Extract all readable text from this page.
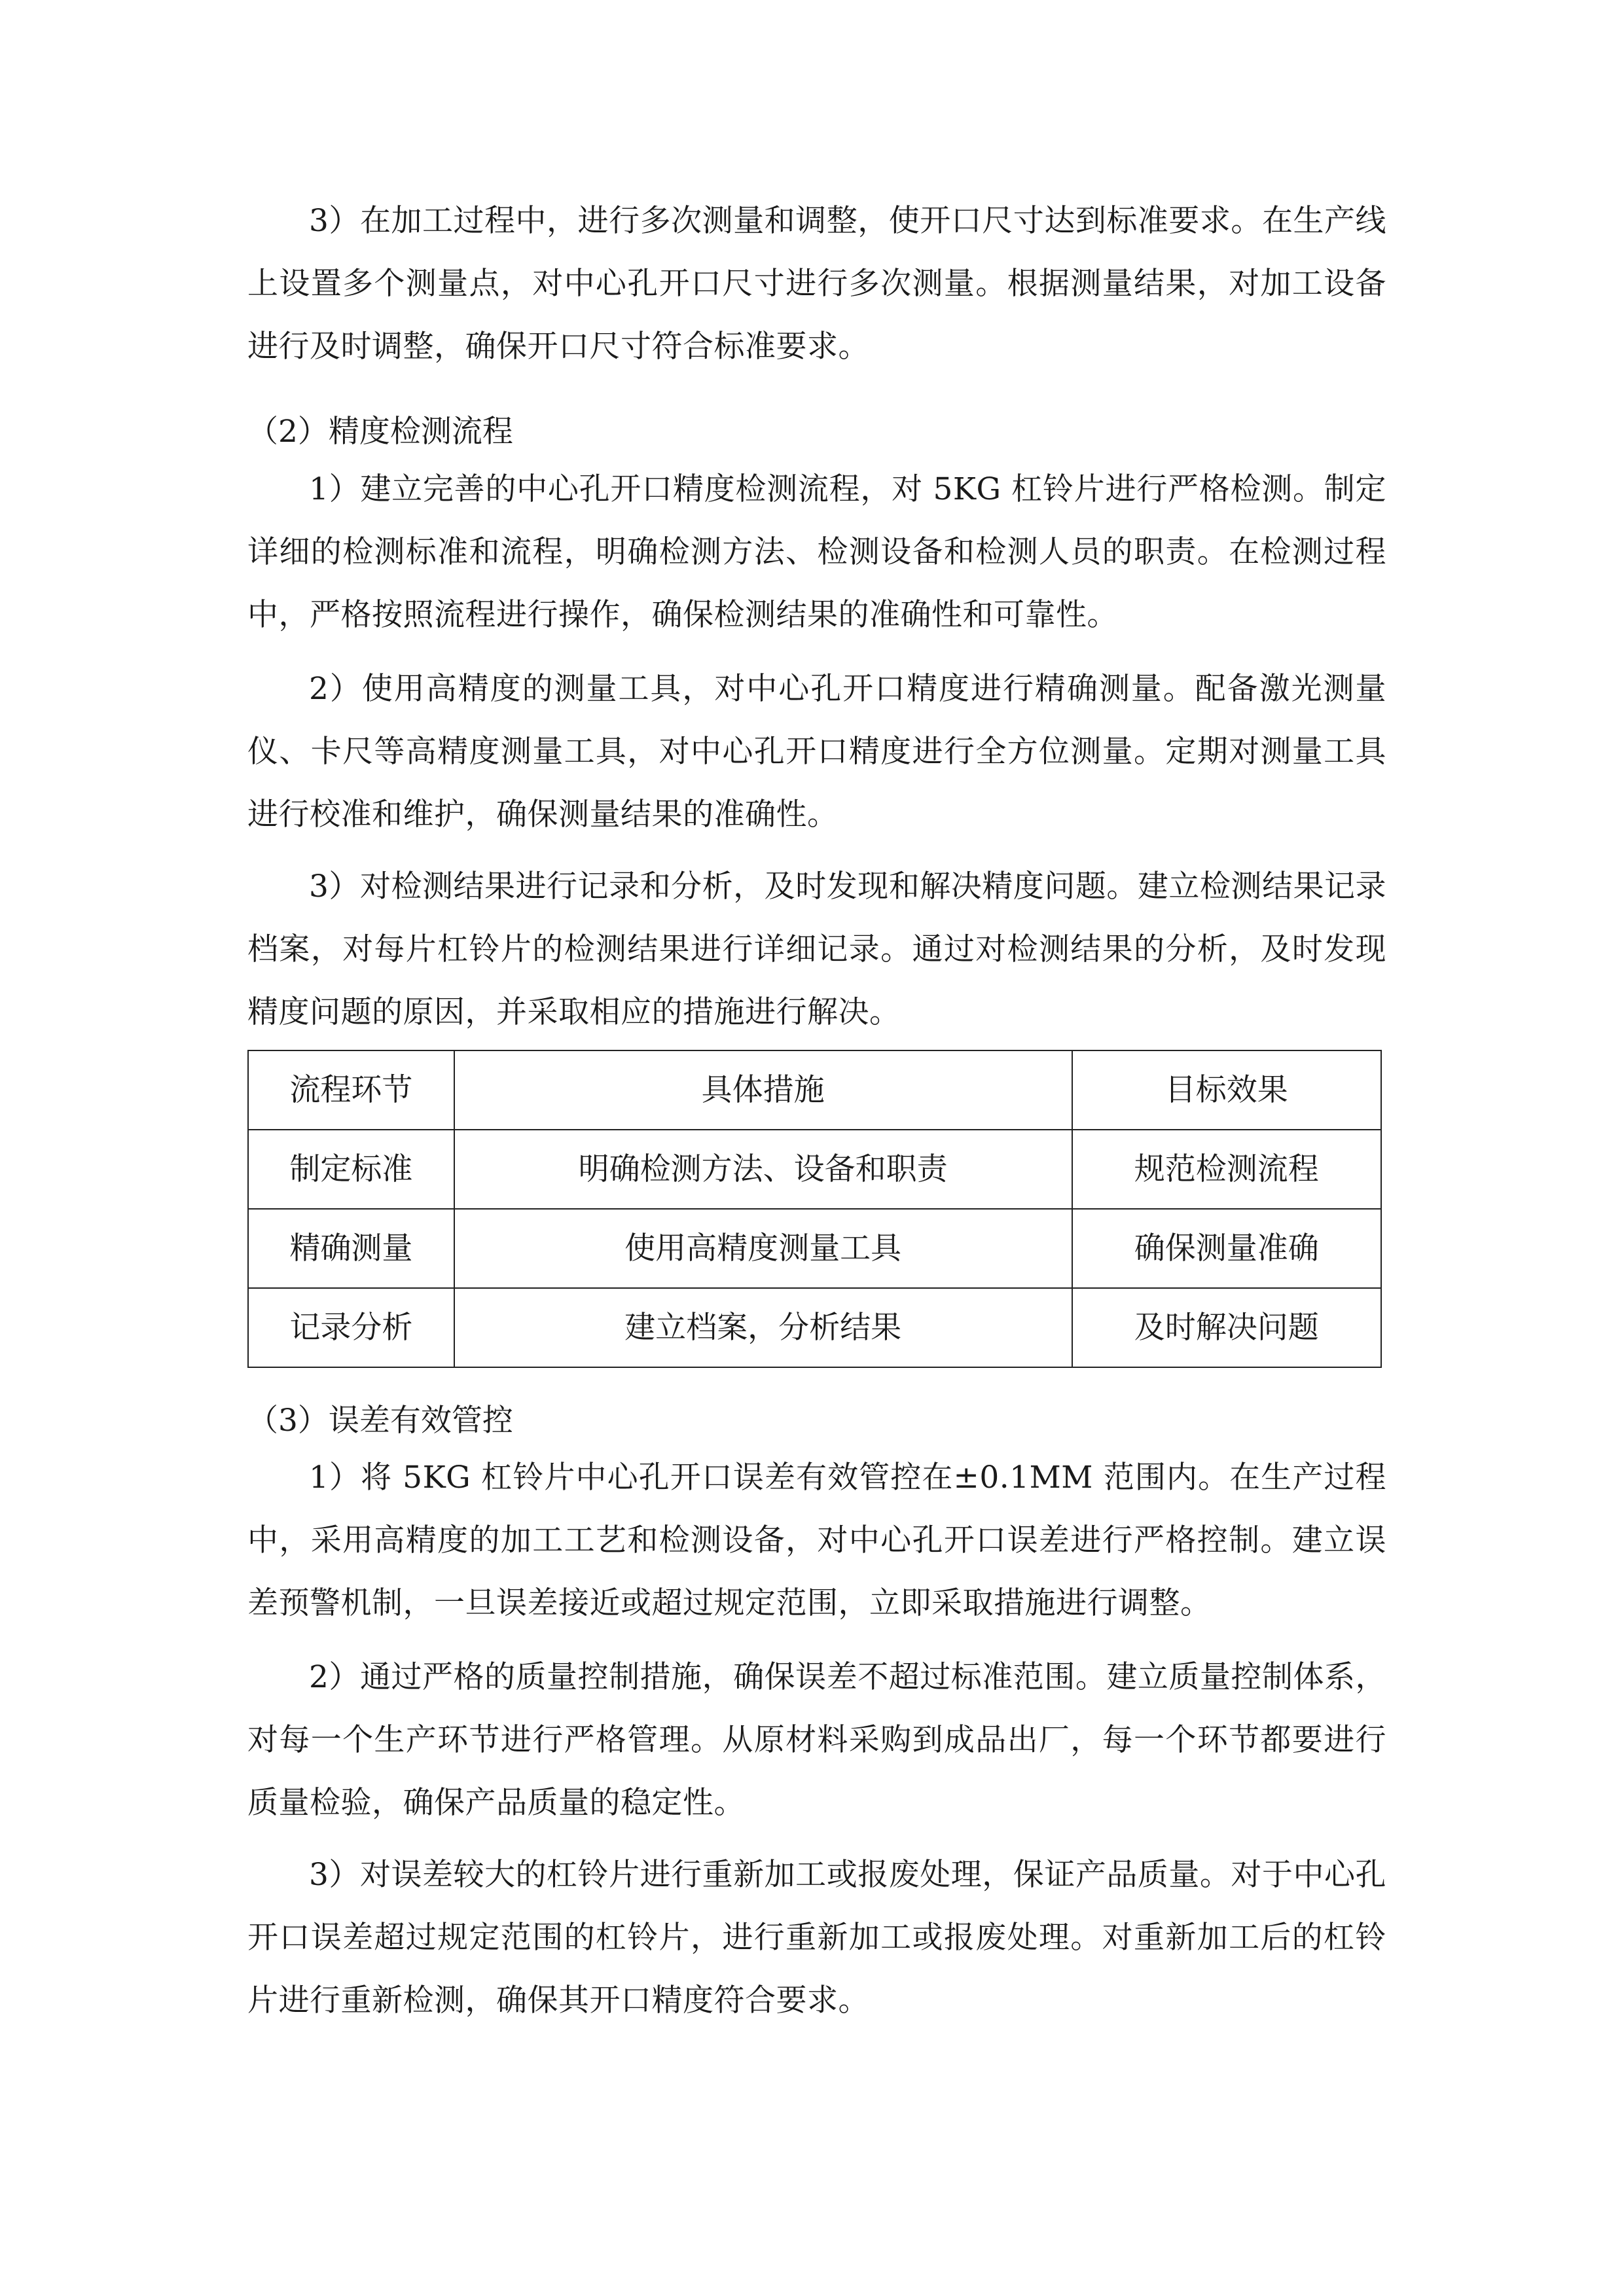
3）在加工过程中，进行多次测量和调整，使开口尺寸达到标准要求。在生产线上设置多个测量点，对中心孔开口尺寸进行多次测量。根据测量结果，对加工设备进行及时调整，确保开口尺寸符合标准要求。

（2）精度检测流程

1）建立完善的中心孔开口精度检测流程，对 5KG 杠铃片进行严格检测。制定详细的检测标准和流程，明确检测方法、检测设备和检测人员的职责。在检测过程中，严格按照流程进行操作，确保检测结果的准确性和可靠性。

2）使用高精度的测量工具，对中心孔开口精度进行精确测量。配备激光测量仪、卡尺等高精度测量工具，对中心孔开口精度进行全方位测量。定期对测量工具进行校准和维护，确保测量结果的准确性。

3）对检测结果进行记录和分析，及时发现和解决精度问题。建立检测结果记录档案，对每片杠铃片的检测结果进行详细记录。通过对检测结果的分析，及时发现精度问题的原因，并采取相应的措施进行解决。

流程环节	具体措施	目标效果
制定标准	明确检测方法、设备和职责	规范检测流程
精确测量	使用高精度测量工具	确保测量准确
记录分析	建立档案，分析结果	及时解决问题

（3）误差有效管控

1）将 5KG 杠铃片中心孔开口误差有效管控在±0.1MM 范围内。在生产过程中，采用高精度的加工工艺和检测设备，对中心孔开口误差进行严格控制。建立误差预警机制，一旦误差接近或超过规定范围，立即采取措施进行调整。

2）通过严格的质量控制措施，确保误差不超过标准范围。建立质量控制体系，对每一个生产环节进行严格管理。从原材料采购到成品出厂，每一个环节都要进行质量检验，确保产品质量的稳定性。

3）对误差较大的杠铃片进行重新加工或报废处理，保证产品质量。对于中心孔开口误差超过规定范围的杠铃片，进行重新加工或报废处理。对重新加工后的杠铃片进行重新检测，确保其开口精度符合要求。
